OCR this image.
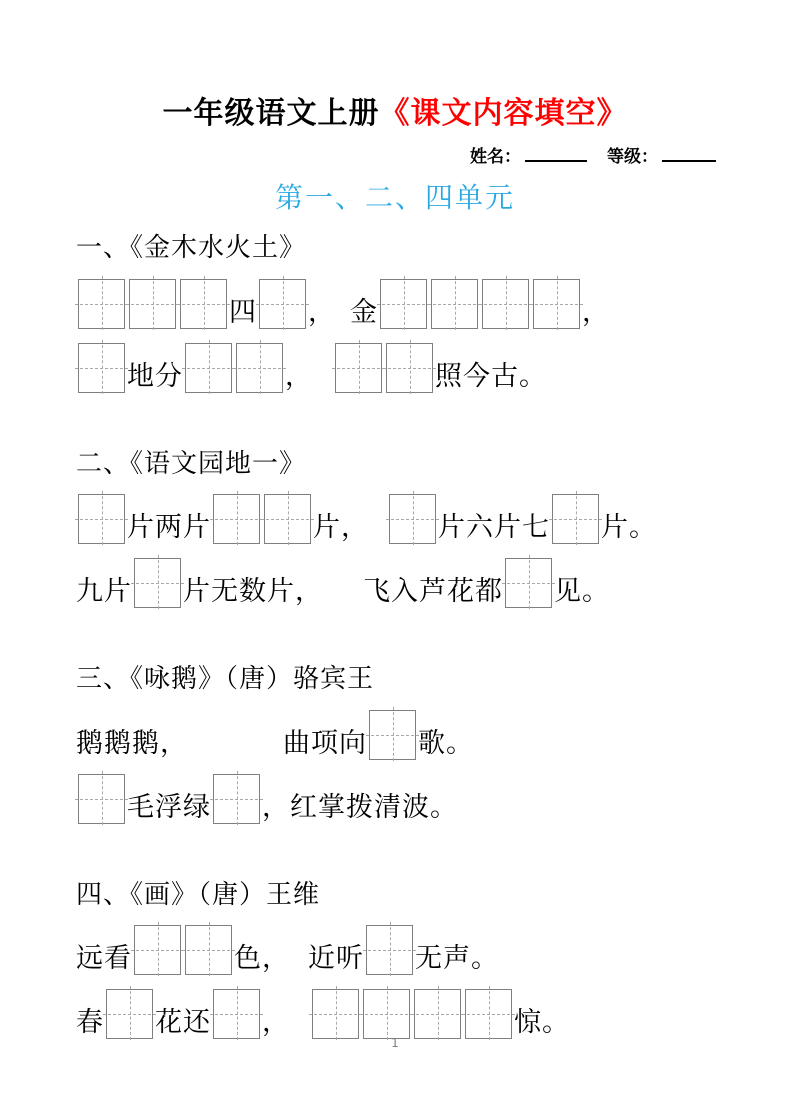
一年级语文上册《课文内容填空》
姓名：	等级：
第一、二、四单元
一、《金木水火土》
四 ， 金	，
地分	，	照今古。
二、《语文园地一》
片两片	片，	片六片七 片。
九片 片无数片， 飞入芦花都 见。
三、《咏鹅》（唐）骆宾王
鹅鹅鹅，	曲项向 歌。
毛浮绿 ，红掌拨清波。
四、《画》（唐）王维
远看	色， 近听 无声。
春 花还 ，	惊。
1
